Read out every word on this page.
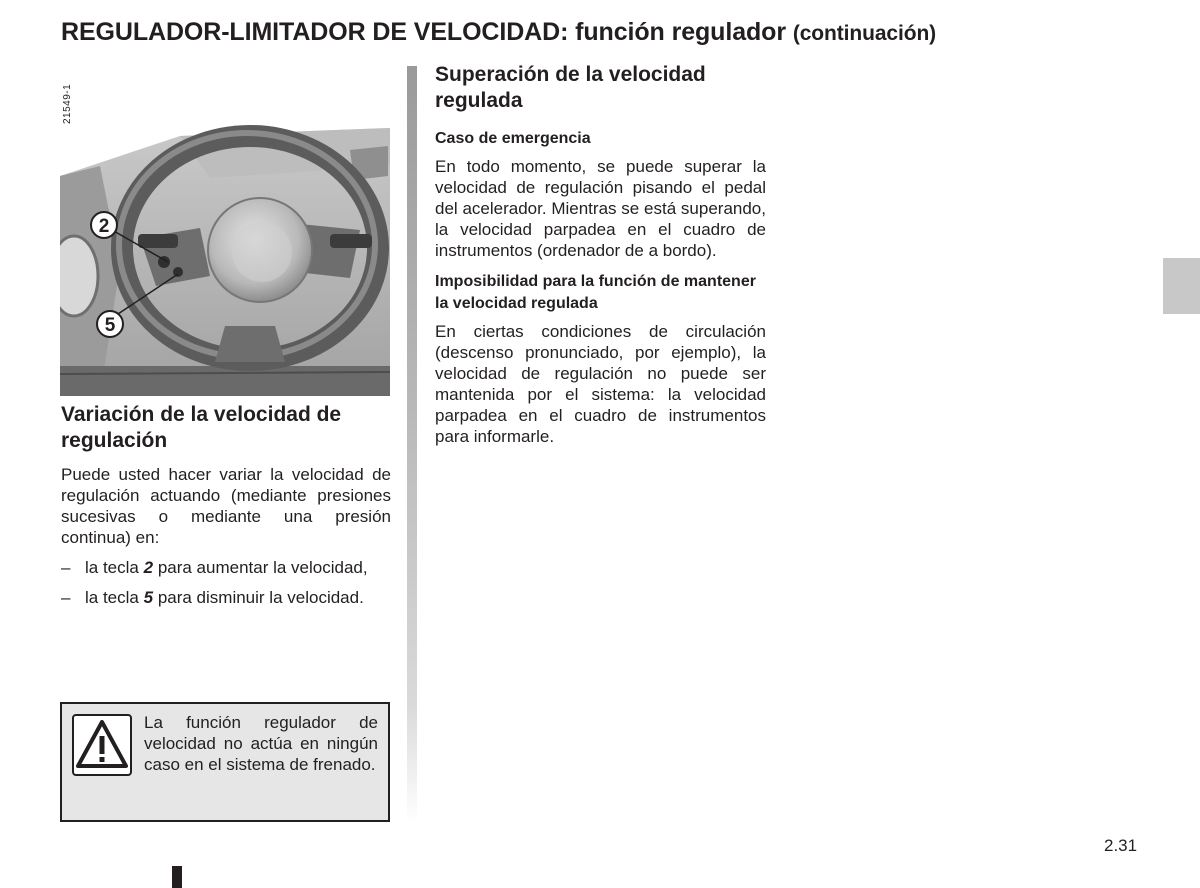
REGULADOR-LIMITADOR DE VELOCIDAD: función regulador (continuación)
2
5
21549-1
Variación de la velocidad de regulación

Puede usted hacer variar la velocidad de regulación actuando (mediante presiones sucesivas o mediante una presión continua) en:

– la tecla 2 para aumentar la velocidad,
– la tecla 5 para disminuir la velocidad.
La función regulador de velocidad no actúa en ningún caso en el sistema de frenado.
Superación de la velocidad regulada
Caso de emergencia

En todo momento, se puede superar la velocidad de regulación pisando el pedal del acelerador. Mientras se está superando, la velocidad parpadea en el cuadro de instrumentos (ordenador de a bordo).

Imposibilidad para la función de mantener la velocidad regulada

En ciertas condiciones de circulación (descenso pronunciado, por ejemplo), la velocidad de regulación no puede ser mantenida por el sistema: la velocidad parpadea en el cuadro de instrumentos para informarle.

2.31
